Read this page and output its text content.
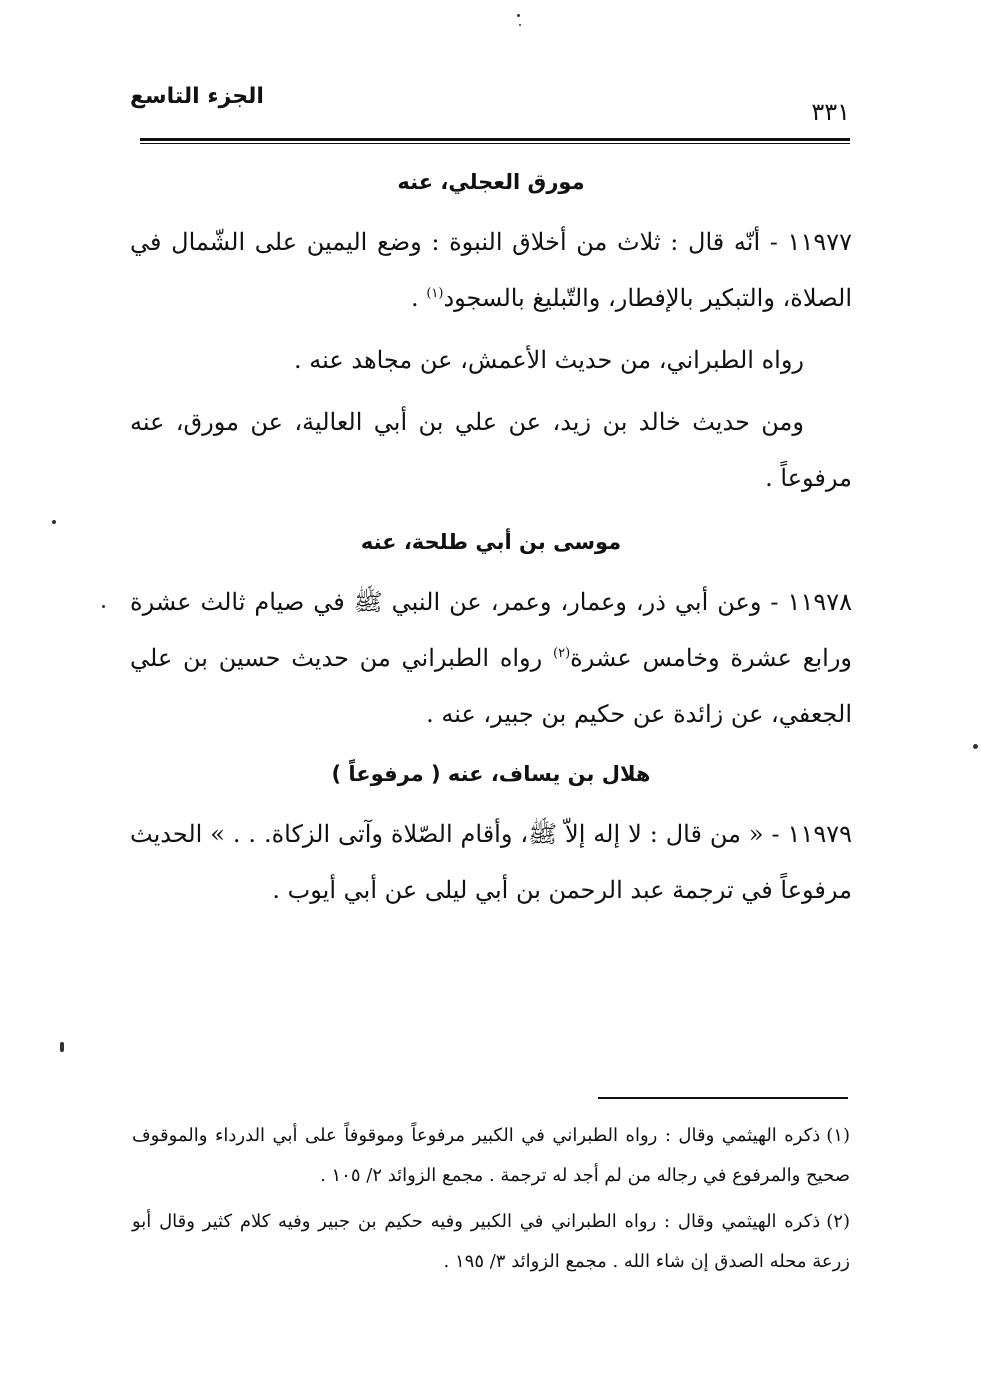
الجزء التاسع
٣٣١
مورق العجلي، عنه

١١٩٧٧ - أنّه قال : ثلاث من أخلاق النبوة : وضع اليمين على الشّمال في الصلاة، والتبكير بالإفطار، والتّبليغ بالسجود$^{(١)}$ .

رواه الطبراني، من حديث الأعمش، عن مجاهد عنه .

ومن حديث خالد بن زيد، عن علي بن أبي العالية، عن مورق، عنه مرفوعاً .

موسى بن أبي طلحة، عنه

١١٩٧٨ - وعن أبي ذر، وعمار، وعمر، عن النبي ﷺ في صيام ثالث عشرة ورابع عشرة وخامس عشرة$^{(٢)}$ رواه الطبراني من حديث حسين بن علي الجعفي، عن زائدة عن حكيم بن جبير، عنه .

هلال بن يساف، عنه ( مرفوعاً )

١١٩٧٩ - « من قال : لا إله إلاّ ﷺ، وأقام الصّلاة وآتى الزكاة. . . » الحديث مرفوعاً في ترجمة عبد الرحمن بن أبي ليلى عن أبي أيوب .

(١)ذكره الهيثمي وقال : رواه الطبراني في الكبير مرفوعاً وموقوفاً على أبي الدرداء والموقوف صحيح والمرفوع في رجاله من لم أجد له ترجمة . مجمع الزوائد ٢/ ١٠٥ .

(٢)ذكره الهيثمي وقال : رواه الطبراني في الكبير وفيه حكيم بن جبير وفيه كلام كثير وقال أبو زرعة محله الصدق إن شاء الله . مجمع الزوائد ٣/ ١٩٥ .
